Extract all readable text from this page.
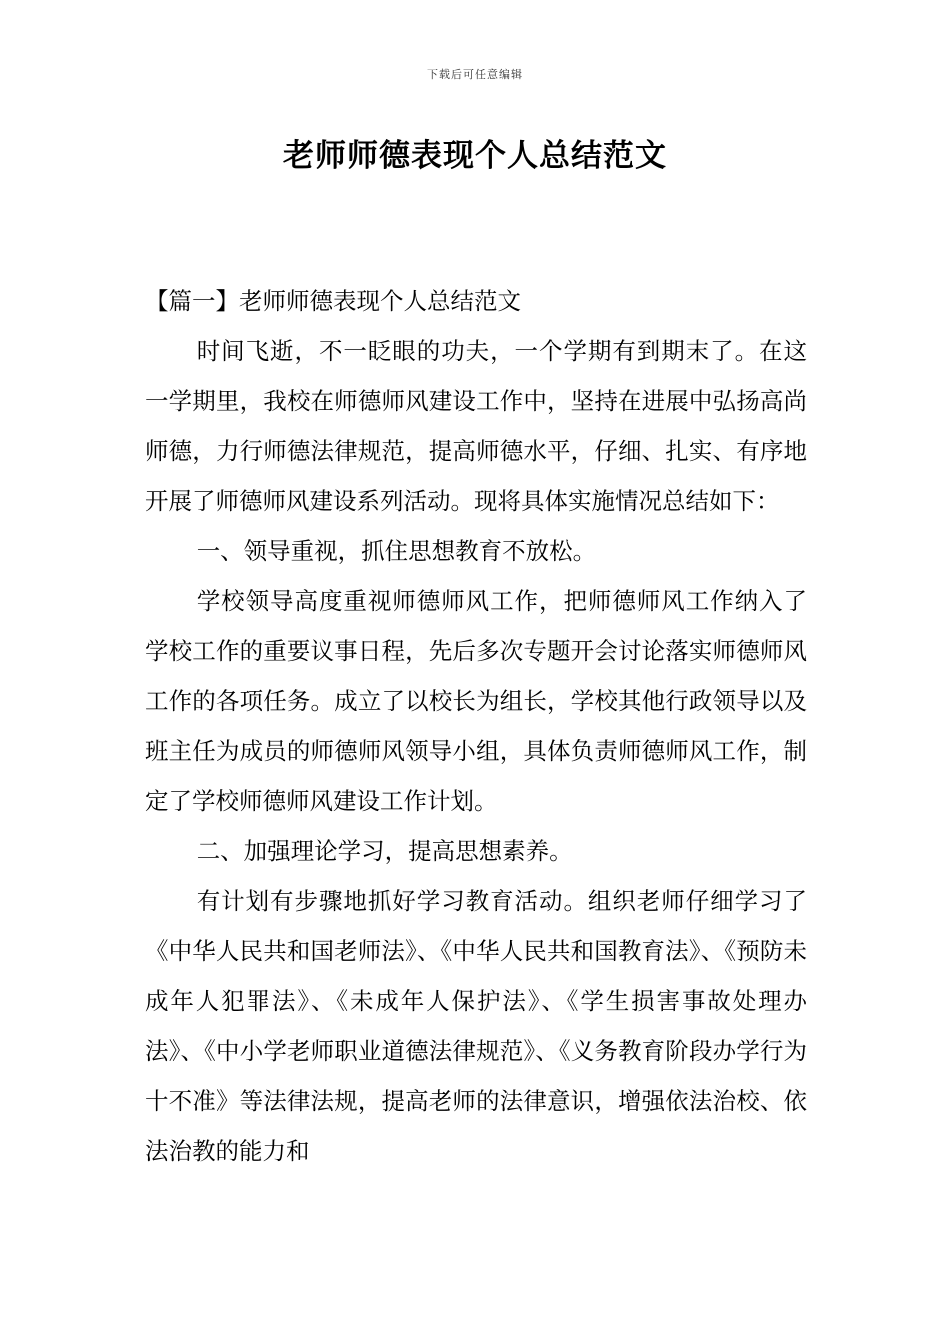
下载后可任意编辑
老师师德表现个人总结范文

【篇一】老师师德表现个人总结范文

时间飞逝，不一眨眼的功夫，一个学期有到期末了。在这一学期里，我校在师德师风建设工作中，坚持在进展中弘扬高尚师德，力行师德法律规范，提高师德水平，仔细、扎实、有序地开展了师德师风建设系列活动。现将具体实施情况总结如下：

一、领导重视，抓住思想教育不放松。

学校领导高度重视师德师风工作，把师德师风工作纳入了学校工作的重要议事日程，先后多次专题开会讨论落实师德师风工作的各项任务。成立了以校长为组长，学校其他行政领导以及班主任为成员的师德师风领导小组，具体负责师德师风工作，制定了学校师德师风建设工作计划。

二、加强理论学习，提高思想素养。

有计划有步骤地抓好学习教育活动。组织老师仔细学习了《中华人民共和国老师法》、《中华人民共和国教育法》、《预防未成年人犯罪法》、《未成年人保护法》、《学生损害事故处理办法》、《中小学老师职业道德法律规范》、《义务教育阶段办学行为十不准》等法律法规，提高老师的法律意识，增强依法治校、依法治教的能力和
